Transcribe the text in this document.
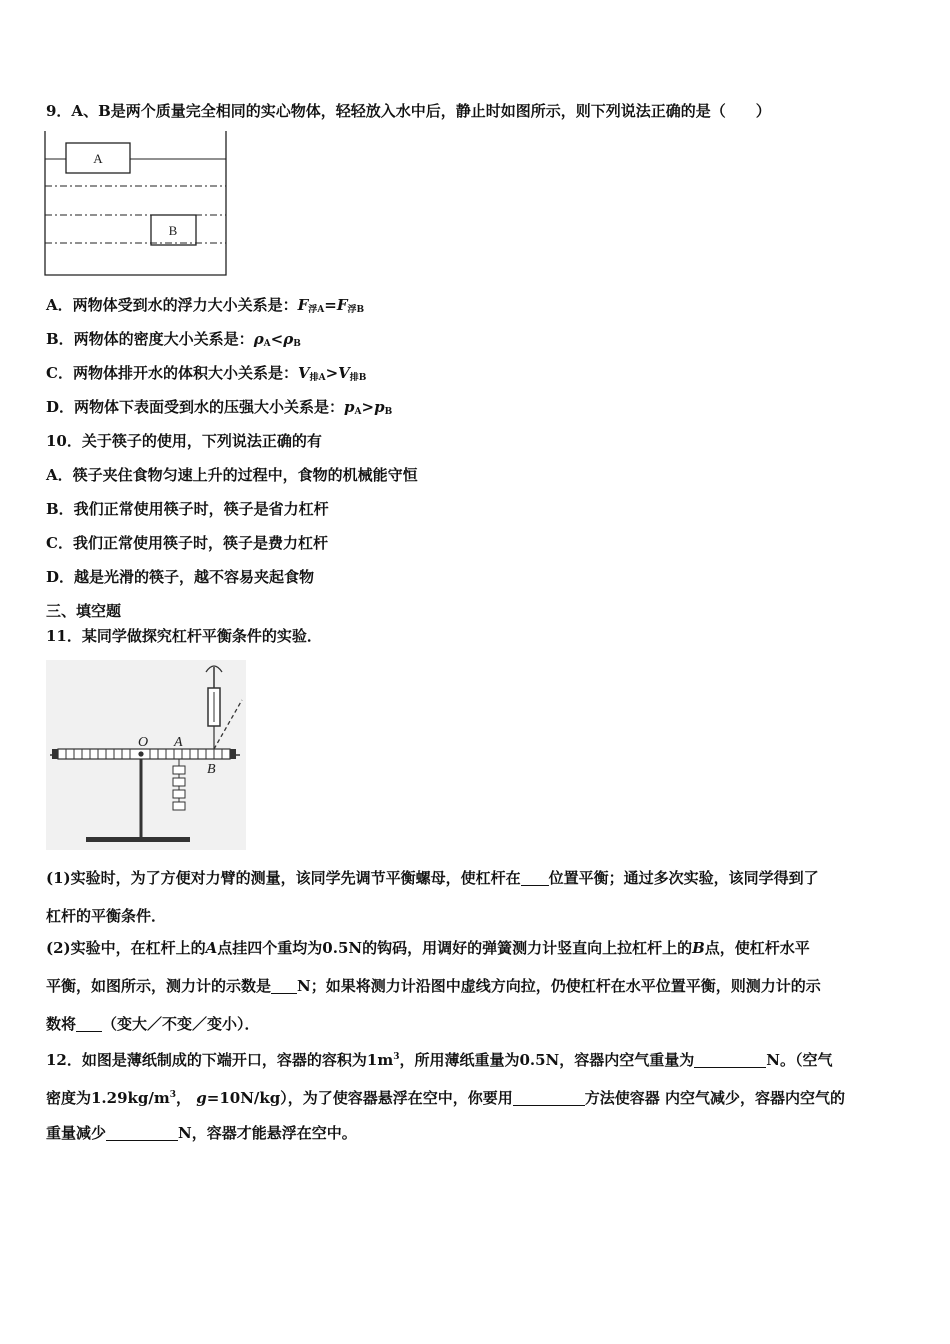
9．A、B是两个质量完全相同的实心物体，轻轻放入水中后，静止时如图所示，则下列说法正确的是（　　）
A
B
A．两物体受到水的浮力大小关系是：$F_{浮A}=F_{浮B}$
B．两物体的密度大小关系是：$\rho_A<\rho_B$
C．两物体排开水的体积大小关系是：$V_{排A}>V_{排B}$
D．两物体下表面受到水的压强大小关系是：$p_A>p_B$
10．关于筷子的使用，下列说法正确的有
A．筷子夹住食物匀速上升的过程中，食物的机械能守恒
B．我们正常使用筷子时，筷子是省力杠杆
C．我们正常使用筷子时，筷子是费力杠杆
D．越是光滑的筷子，越不容易夹起食物
三、填空题
11．某同学做探究杠杆平衡条件的实验．
O A
B
(1)实验时，为了方便对力臂的测量，该同学先调节平衡螺母，使杠杆在 位置平衡；通过多次实验，该同学得到了
杠杆的平衡条件．
(2)实验中，在杠杆上的A点挂四个重均为0.5N的钩码，用调好的弹簧测力计竖直向上拉杠杆上的B点，使杠杆水平
平衡，如图所示，测力计的示数是 N；如果将测力计沿图中虚线方向拉，仍使杠杆在水平位置平衡，则测力计的示
数将 （变大／不变／变小）．
12．如图是薄纸制成的下端开口，容器的容积为$1m^3$，所用薄纸重量为0.5N，容器内空气重量为	N。（空气
密度为$1.29kg/m^3$， g=10N/kg），为了使容器悬浮在空中，你要用	方法使容器 内空气减少，容器内空气的
重量减少	N，容器才能悬浮在空中。
